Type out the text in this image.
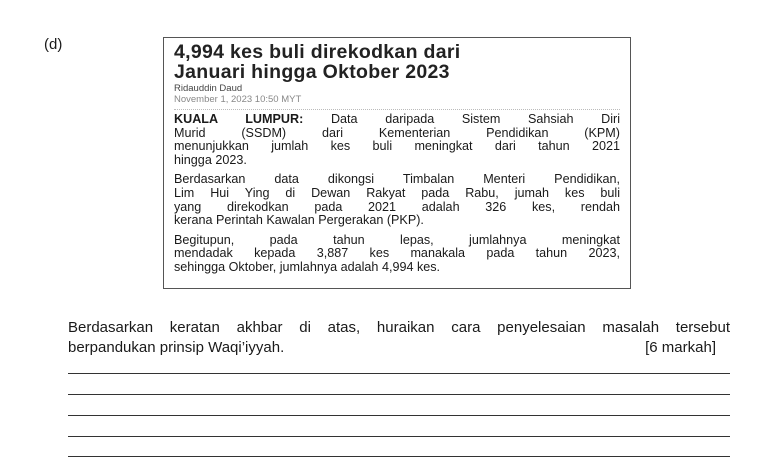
(d)	4,994 kes buli direkodkan dari
Januari hingga Oktober 2023
Ridauddin Daud
November 1, 2023 10:50 MYT
KUALA LUMPUR: Data daripada Sistem Sahsiah Diri
Murid (SSDM) dari Kementerian Pendidikan (KPM)
menunjukkan jumlah kes buli meningkat dari tahun 2021
hingga 2023.
Berdasarkan data dikongsi Timbalan Menteri Pendidikan,
Lim Hui Ying di Dewan Rakyat pada Rabu, jumah kes buli
yang direkodkan pada 2021 adalah 326 kes, rendah
kerana Perintah Kawalan Pergerakan (PKP).
Begitupun, pada tahun lepas, jumlahnya meningkat
mendadak kepada 3,887 kes manakala pada tahun 2023,
sehingga Oktober, jumlahnya adalah 4,994 kes.
Berdasarkan keratan akhbar di atas, huraikan cara penyelesaian masalah tersebut
berpandukan prinsip Waqi’iyyah.	[6 markah]
